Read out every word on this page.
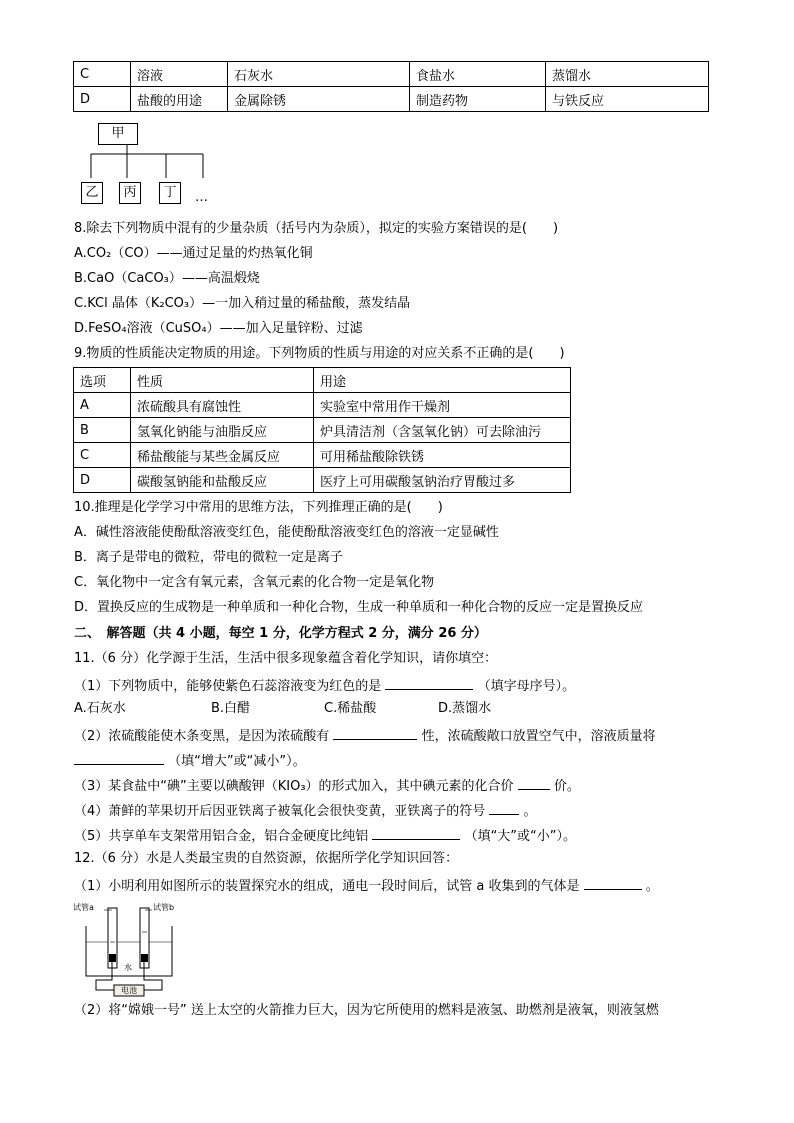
C	溶液	石灰水	食盐水	蒸馏水
D	盐酸的用途	金属除锈	制造药物	与铁反应
甲
乙	丙	丁	…
8.除去下列物质中混有的少量杂质（括号内为杂质），拟定的实验方案错误的是(　　)
A.CO₂（CO）——通过足量的灼热氧化铜
B.CaO（CaCO₃）——高温煅烧
C.KCl 晶体（K₂CO₃）—一加入稍过量的稀盐酸，蒸发结晶
D.FeSO₄溶液（CuSO₄）——加入足量锌粉、过滤
9.物质的性质能决定物质的用途。下列物质的性质与用途的对应关系不正确的是(　　)
选项	性质	用途
A	浓硫酸具有腐蚀性	实验室中常用作干燥剂
B	氢氧化钠能与油脂反应	炉具清洁剂（含氢氧化钠）可去除油污
C	稀盐酸能与某些金属反应	可用稀盐酸除铁锈
D	碳酸氢钠能和盐酸反应	医疗上可用碳酸氢钠治疗胃酸过多
10.推理是化学学习中常用的思维方法，下列推理正确的是(　　)
A．碱性溶液能使酚酞溶液变红色，能使酚酞溶液变红色的溶液一定显碱性
B．离子是带电的微粒，带电的微粒一定是离子
C．氧化物中一定含有氧元素，含氧元素的化合物一定是氧化物
D．置换反应的生成物是一种单质和一种化合物，生成一种单质和一种化合物的反应一定是置换反应
二、　解答题（共 4 小题，每空 1 分，化学方程式 2 分，满分 26 分）
11.（6 分）化学源于生活，生活中很多现象蕴含着化学知识，请你填空：
（1）下列物质中，能够使紫色石蕊溶液变为红色的是	（填字母序号）。
A.石灰水	B.白醋	C.稀盐酸	D.蒸馏水
（2）浓硫酸能使木条变黑，是因为浓硫酸有	性，浓硫酸敞口放置空气中，溶液质量将
（填“增大”或“减小”）。
（3）某食盐中“碘”主要以碘酸钾（KIO₃）的形式加入，其中碘元素的化合价	价。
（4）萧鲜的苹果切开后因亚铁离子被氧化会很快变黄，亚铁离子的符号	。
（5）共享单车支架常用铝合金，铝合金硬度比纯铝	（填“大”或“小”）。
12.（6 分）水是人类最宝贵的自然资源，依据所学化学知识回答：
（1）小明利用如图所示的装置探究水的组成，通电一段时间后，试管 a 收集到的气体是	。
试管a	试管b
水
电池
（2）将“嫦娥一号” 送上太空的火箭推力巨大，因为它所使用的燃料是液氢、助燃剂是液氧，则液氢燃
